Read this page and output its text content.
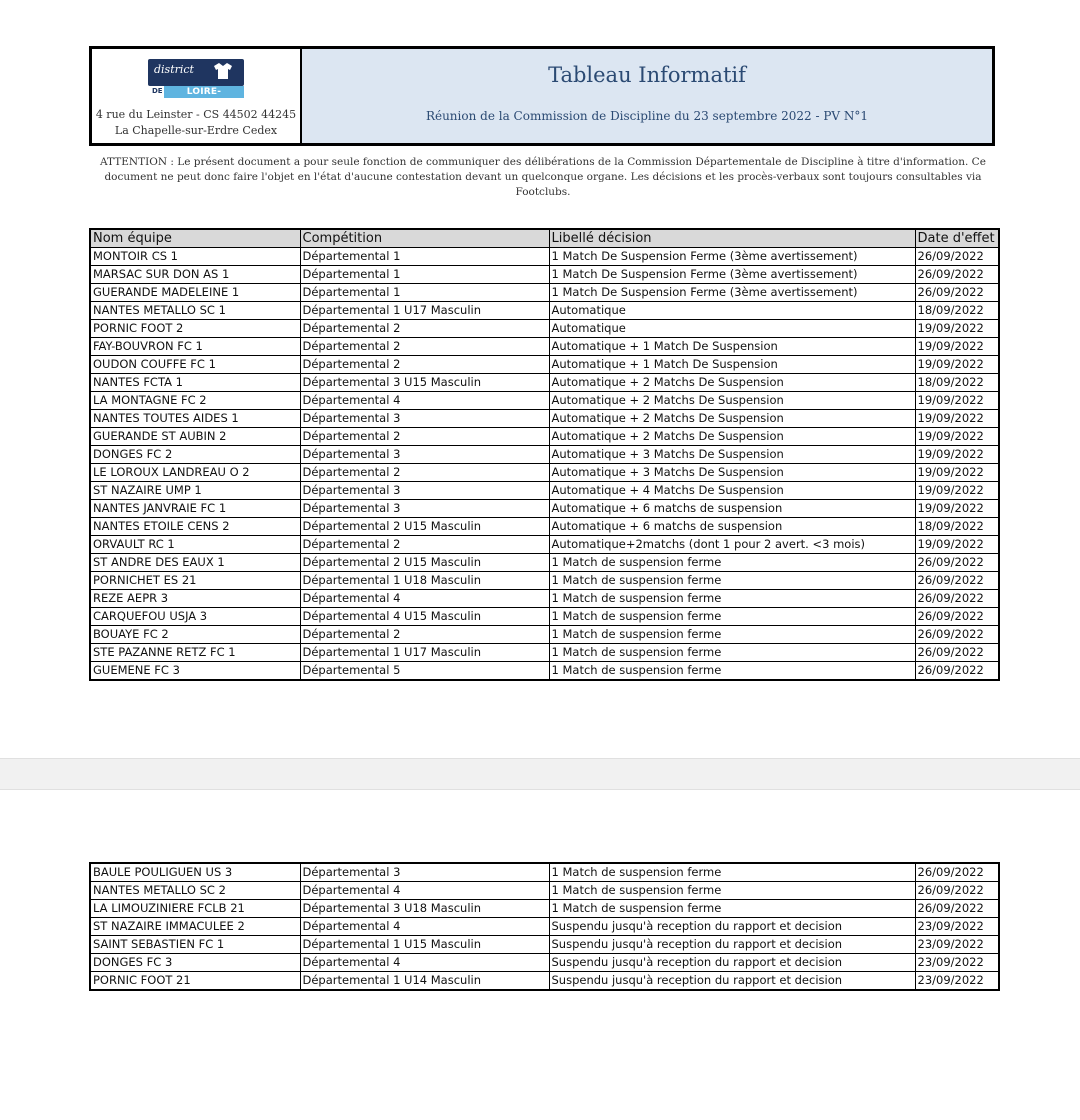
district
DE	LOIRE-ATLANTIQUE
4 rue du Leinster - CS 44502 44245 La Chapelle-sur-Erdre Cedex
Tableau Informatif
Réunion de la Commission de Discipline du 23 septembre 2022 - PV N°1
ATTENTION : Le présent document a pour seule fonction de communiquer des délibérations de la Commission Départementale de Discipline à titre d'information. Ce document ne peut donc faire l'objet en l'état d'aucune contestation devant un quelconque organe. Les décisions et les procès-verbaux sont toujours consultables via Footclubs.
Nom équipe	Compétition	Libellé décision	Date d'effet
MONTOIR CS 1	Départemental 1	1 Match De Suspension Ferme (3ème avertissement)	26/09/2022
MARSAC SUR DON AS 1	Départemental 1	1 Match De Suspension Ferme (3ème avertissement)	26/09/2022
GUERANDE MADELEINE 1	Départemental 1	1 Match De Suspension Ferme (3ème avertissement)	26/09/2022
NANTES METALLO SC 1	Départemental 1 U17 Masculin	Automatique	18/09/2022
PORNIC FOOT 2	Départemental 2	Automatique	19/09/2022
FAY-BOUVRON FC 1	Départemental 2	Automatique + 1 Match De Suspension	19/09/2022
OUDON COUFFE FC 1	Départemental 2	Automatique + 1 Match De Suspension	19/09/2022
NANTES FCTA 1	Départemental 3 U15 Masculin	Automatique + 2 Matchs De Suspension	18/09/2022
LA MONTAGNE FC 2	Départemental 4	Automatique + 2 Matchs De Suspension	19/09/2022
NANTES TOUTES AIDES 1	Départemental 3	Automatique + 2 Matchs De Suspension	19/09/2022
GUERANDE ST AUBIN 2	Départemental 2	Automatique + 2 Matchs De Suspension	19/09/2022
DONGES FC 2	Départemental 3	Automatique + 3 Matchs De Suspension	19/09/2022
LE LOROUX LANDREAU O 2	Départemental 2	Automatique + 3 Matchs De Suspension	19/09/2022
ST NAZAIRE UMP 1	Départemental 3	Automatique + 4 Matchs De Suspension	19/09/2022
NANTES JANVRAIE FC 1	Départemental 3	Automatique + 6 matchs de suspension	19/09/2022
NANTES ETOILE CENS 2	Départemental 2 U15 Masculin	Automatique + 6 matchs de suspension	18/09/2022
ORVAULT RC 1	Départemental 2	Automatique+2matchs (dont 1 pour 2 avert. <3 mois)	19/09/2022
ST ANDRE DES EAUX 1	Départemental 2 U15 Masculin	1 Match de suspension ferme	26/09/2022
PORNICHET ES 21	Départemental 1 U18 Masculin	1 Match de suspension ferme	26/09/2022
REZE AEPR 3	Départemental 4	1 Match de suspension ferme	26/09/2022
CARQUEFOU USJA 3	Départemental 4 U15 Masculin	1 Match de suspension ferme	26/09/2022
BOUAYE FC 2	Départemental 2	1 Match de suspension ferme	26/09/2022
STE PAZANNE RETZ FC 1	Départemental 1 U17 Masculin	1 Match de suspension ferme	26/09/2022
GUEMENE FC 3	Départemental 5	1 Match de suspension ferme	26/09/2022
BAULE POULIGUEN US 3	Départemental 3	1 Match de suspension ferme	26/09/2022
NANTES METALLO SC 2	Départemental 4	1 Match de suspension ferme	26/09/2022
LA LIMOUZINIERE FCLB 21	Départemental 3 U18 Masculin	1 Match de suspension ferme	26/09/2022
ST NAZAIRE IMMACULEE 2	Départemental 4	Suspendu jusqu'à reception du rapport et decision	23/09/2022
SAINT SEBASTIEN FC 1	Départemental 1 U15 Masculin	Suspendu jusqu'à reception du rapport et decision	23/09/2022
DONGES FC 3	Départemental 4	Suspendu jusqu'à reception du rapport et decision	23/09/2022
PORNIC FOOT 21	Départemental 1 U14 Masculin	Suspendu jusqu'à reception du rapport et decision	23/09/2022
